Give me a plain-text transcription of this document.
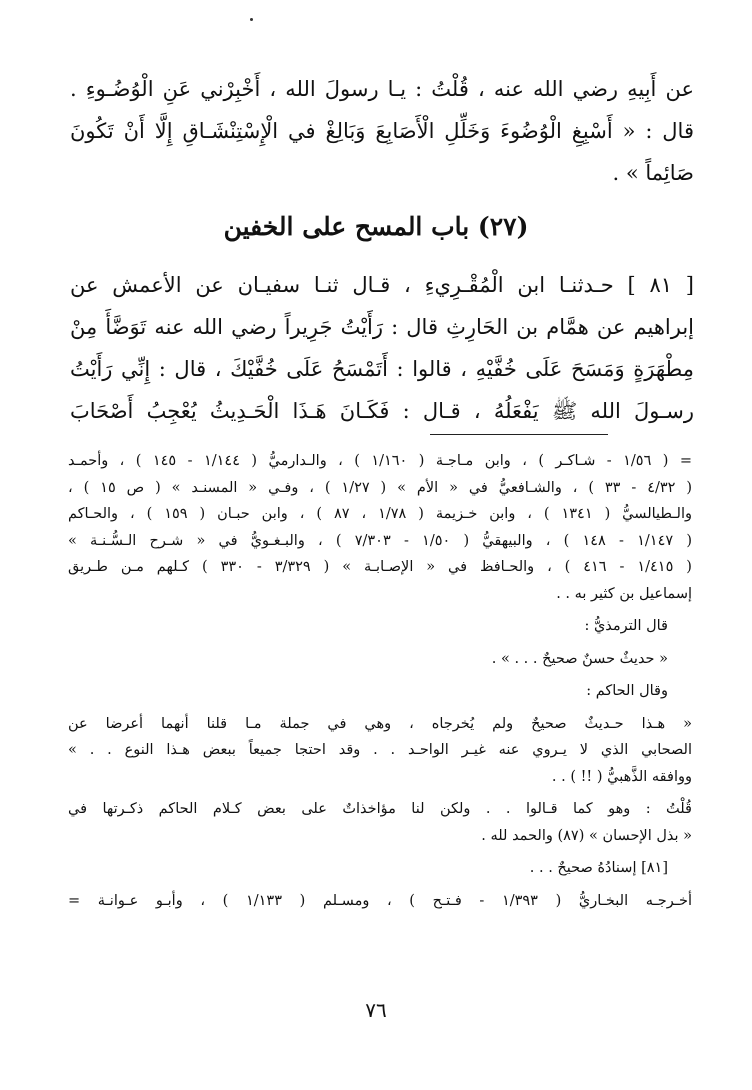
عن أَبِيهِ رضي الله عنه ، قُلْتُ : يـا رسولَ الله ، أَخْبِرْني عَنِ الْوُضُـوءِ .
قال : « أَسْبِغِ الْوُضُوءَ وَخَلِّلِ الْأَصَابِعَ وَبَالِغْ في الْإِسْتِنْشَـاقِ إِلَّا أَنْ تَكُونَ
صَائِماً » .
(٢٧) باب المسح على الخفين
[ ٨١ ] حـدثنـا ابن الْمُقْـرِيءِ ، قـال ثنـا سفيـان عن الأعمش عن
إبراهيم عن همَّام بن الحَارِثِ قال : رَأَيْتُ جَرِيراً رضي الله عنه تَوَضَّأَ مِنْ
مِطْهَرَةٍ وَمَسَحَ عَلَى خُفَّيْهِ ، قالوا : أَتَمْسَحُ عَلَى خُفَّيْكَ ، قال : إِنِّي رَأَيْتُ
رسـولَ الله ﷺ يَفْعَلُهُ ، قـال : فَكَـانَ هَـذَا الْحَـدِيثُ يُعْجِبُ أَصْحَابَ
= ( ١/٥٦ - شـاكـر ) ، وابن مـاجـة ( ١/١٦٠ ) ، والـدارميُّ ( ١/١٤٤ - ١٤٥ ) ، وأحمـد
( ٤/٣٢ - ٣٣ ) ، والشـافعيُّ في « الأم » ( ١/٢٧ ) ، وفـي « المسنـد » ( ص ١٥ ) ،
والـطيالسيُّ ( ١٣٤١ ) ، وابن خـزيمة ( ١/٧٨ ، ٨٧ ) ، وابن حبـان ( ١٥٩ ) ، والحـاكم
( ١/١٤٧ - ١٤٨ ) ، والبيهقيُّ ( ١/٥٠ - ٧/٣٠٣ ) ، والبـغـويُّ في « شـرح الـسُّـنـة »
( ١/٤١٥ - ٤١٦ ) ، والحـافظ في « الإصـابـة » ( ٣/٣٢٩ - ٣٣٠ ) كـلهم مـن طـريق
إسماعيل بن كثير به . .
قال الترمذيُّ :
« حديثٌ حسنٌ صحيحٌ . . . » .
وقال الحاكم :
« هـذا حـديثٌ صحيحٌ ولم يُخرجاه ، وهي في جملة مـا قلنا أنهما أعرضا عن
الصحابي الذي لا يـروي عنه غيـر الواحـد . . وقد احتجا جميعاً ببعض هـذا النوع . . »
ووافقه الذَّهبيُّ ( !! ) . .
قُلْتُ : وهو كما قـالوا . . ولكن لنا مؤاخذاتٌ على بعض كـلام الحاكم ذكـرتها في
« بذل الإحسان » (٨٧) والحمد لله .
[٨١] إسنادُهُ صحيحٌ . . .
أخـرجـه البخـاريُّ ( ١/٣٩٣ - فـتـح ) ، ومسـلم ( ١/١٣٣ ) ، وأبـو عـوانـة =
٧٦
